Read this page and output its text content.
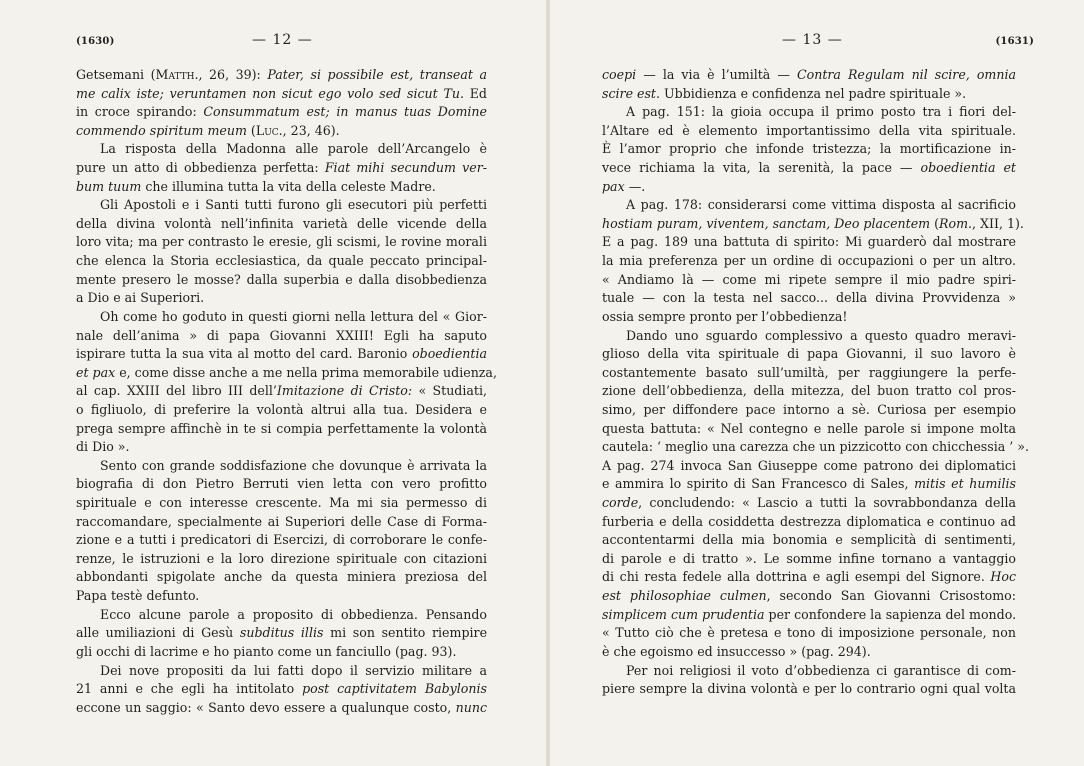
(1630)	— 12 —
Getsemani (Matth., 26, 39): Pater, si possibile est, transeat a
me calix iste; veruntamen non sicut ego volo sed sicut Tu. Ed
in croce spirando: Consummatum est; in manus tuas Domine
commendo spiritum meum (Luc., 23, 46).
La risposta della Madonna alle parole dell’Arcangelo è
pure un atto di obbedienza perfetta: Fiat mihi secundum ver-
bum tuum che illumina tutta la vita della celeste Madre.
Gli Apostoli e i Santi tutti furono gli esecutori più perfetti
della divina volontà nell’infinita varietà delle vicende della
loro vita; ma per contrasto le eresie, gli scismi, le rovine morali
che elenca la Storia ecclesiastica, da quale peccato principal-
mente presero le mosse? dalla superbia e dalla disobbedienza
a Dio e ai Superiori.
Oh come ho goduto in questi giorni nella lettura del « Gior-
nale dell’anima » di papa Giovanni XXIII! Egli ha saputo
ispirare tutta la sua vita al motto del card. Baronio oboedientia
et pax e, come disse anche a me nella prima memorabile udienza,
al cap. XXIII del libro III dell’Imitazione di Cristo: « Studiati,
o figliuolo, di preferire la volontà altrui alla tua. Desidera e
prega sempre affinchè in te si compia perfettamente la volontà
di Dio ».
Sento con grande soddisfazione che dovunque è arrivata la
biografia di don Pietro Berruti vien letta con vero profitto
spirituale e con interesse crescente. Ma mi sia permesso di
raccomandare, specialmente ai Superiori delle Case di Forma-
zione e a tutti i predicatori di Esercizi, di corroborare le confe-
renze, le istruzioni e la loro direzione spirituale con citazioni
abbondanti spigolate anche da questa miniera preziosa del
Papa testè defunto.
Ecco alcune parole a proposito di obbedienza. Pensando
alle umiliazioni di Gesù subditus illis mi son sentito riempire
gli occhi di lacrime e ho pianto come un fanciullo (pag. 93).
Dei nove propositi da lui fatti dopo il servizio militare a
21 anni e che egli ha intitolato post captivitatem Babylonis
eccone un saggio: « Santo devo essere a qualunque costo, nunc
— 13 —	(1631)
coepi — la via è l’umiltà — Contra Regulam nil scire, omnia
scire est. Ubbidienza e confidenza nel padre spirituale ».
A pag. 151: la gioia occupa il primo posto tra i fiori del-
l’Altare ed è elemento importantissimo della vita spirituale.
È l’amor proprio che infonde tristezza; la mortificazione in-
vece richiama la vita, la serenità, la pace — oboedientia et
pax —.
A pag. 178: considerarsi come vittima disposta al sacrificio
hostiam puram, viventem, sanctam, Deo placentem (Rom., XII, 1).
E a pag. 189 una battuta di spirito: Mi guarderò dal mostrare
la mia preferenza per un ordine di occupazioni o per un altro.
« Andiamo là — come mi ripete sempre il mio padre spiri-
tuale — con la testa nel sacco... della divina Provvidenza »
ossia sempre pronto per l’obbedienza!
Dando uno sguardo complessivo a questo quadro meravi-
glioso della vita spirituale di papa Giovanni, il suo lavoro è
costantemente basato sull’umiltà, per raggiungere la perfe-
zione dell’obbedienza, della mitezza, del buon tratto col pros-
simo, per diffondere pace intorno a sè. Curiosa per esempio
questa battuta: « Nel contegno e nelle parole si impone molta
cautela: ‘ meglio una carezza che un pizzicotto con chicchessia ’ ».
A pag. 274 invoca San Giuseppe come patrono dei diplomatici
e ammira lo spirito di San Francesco di Sales, mitis et humilis
corde, concludendo: « Lascio a tutti la sovrabbondanza della
furberia e della cosiddetta destrezza diplomatica e continuo ad
accontentarmi della mia bonomia e semplicità di sentimenti,
di parole e di tratto ». Le somme infine tornano a vantaggio
di chi resta fedele alla dottrina e agli esempi del Signore. Hoc
est philosophiae culmen, secondo San Giovanni Crisostomo:
simplicem cum prudentia per confondere la sapienza del mondo.
« Tutto ciò che è pretesa e tono di imposizione personale, non
è che egoismo ed insuccesso » (pag. 294).
Per noi religiosi il voto d’obbedienza ci garantisce di com-
piere sempre la divina volontà e per lo contrario ogni qual volta
